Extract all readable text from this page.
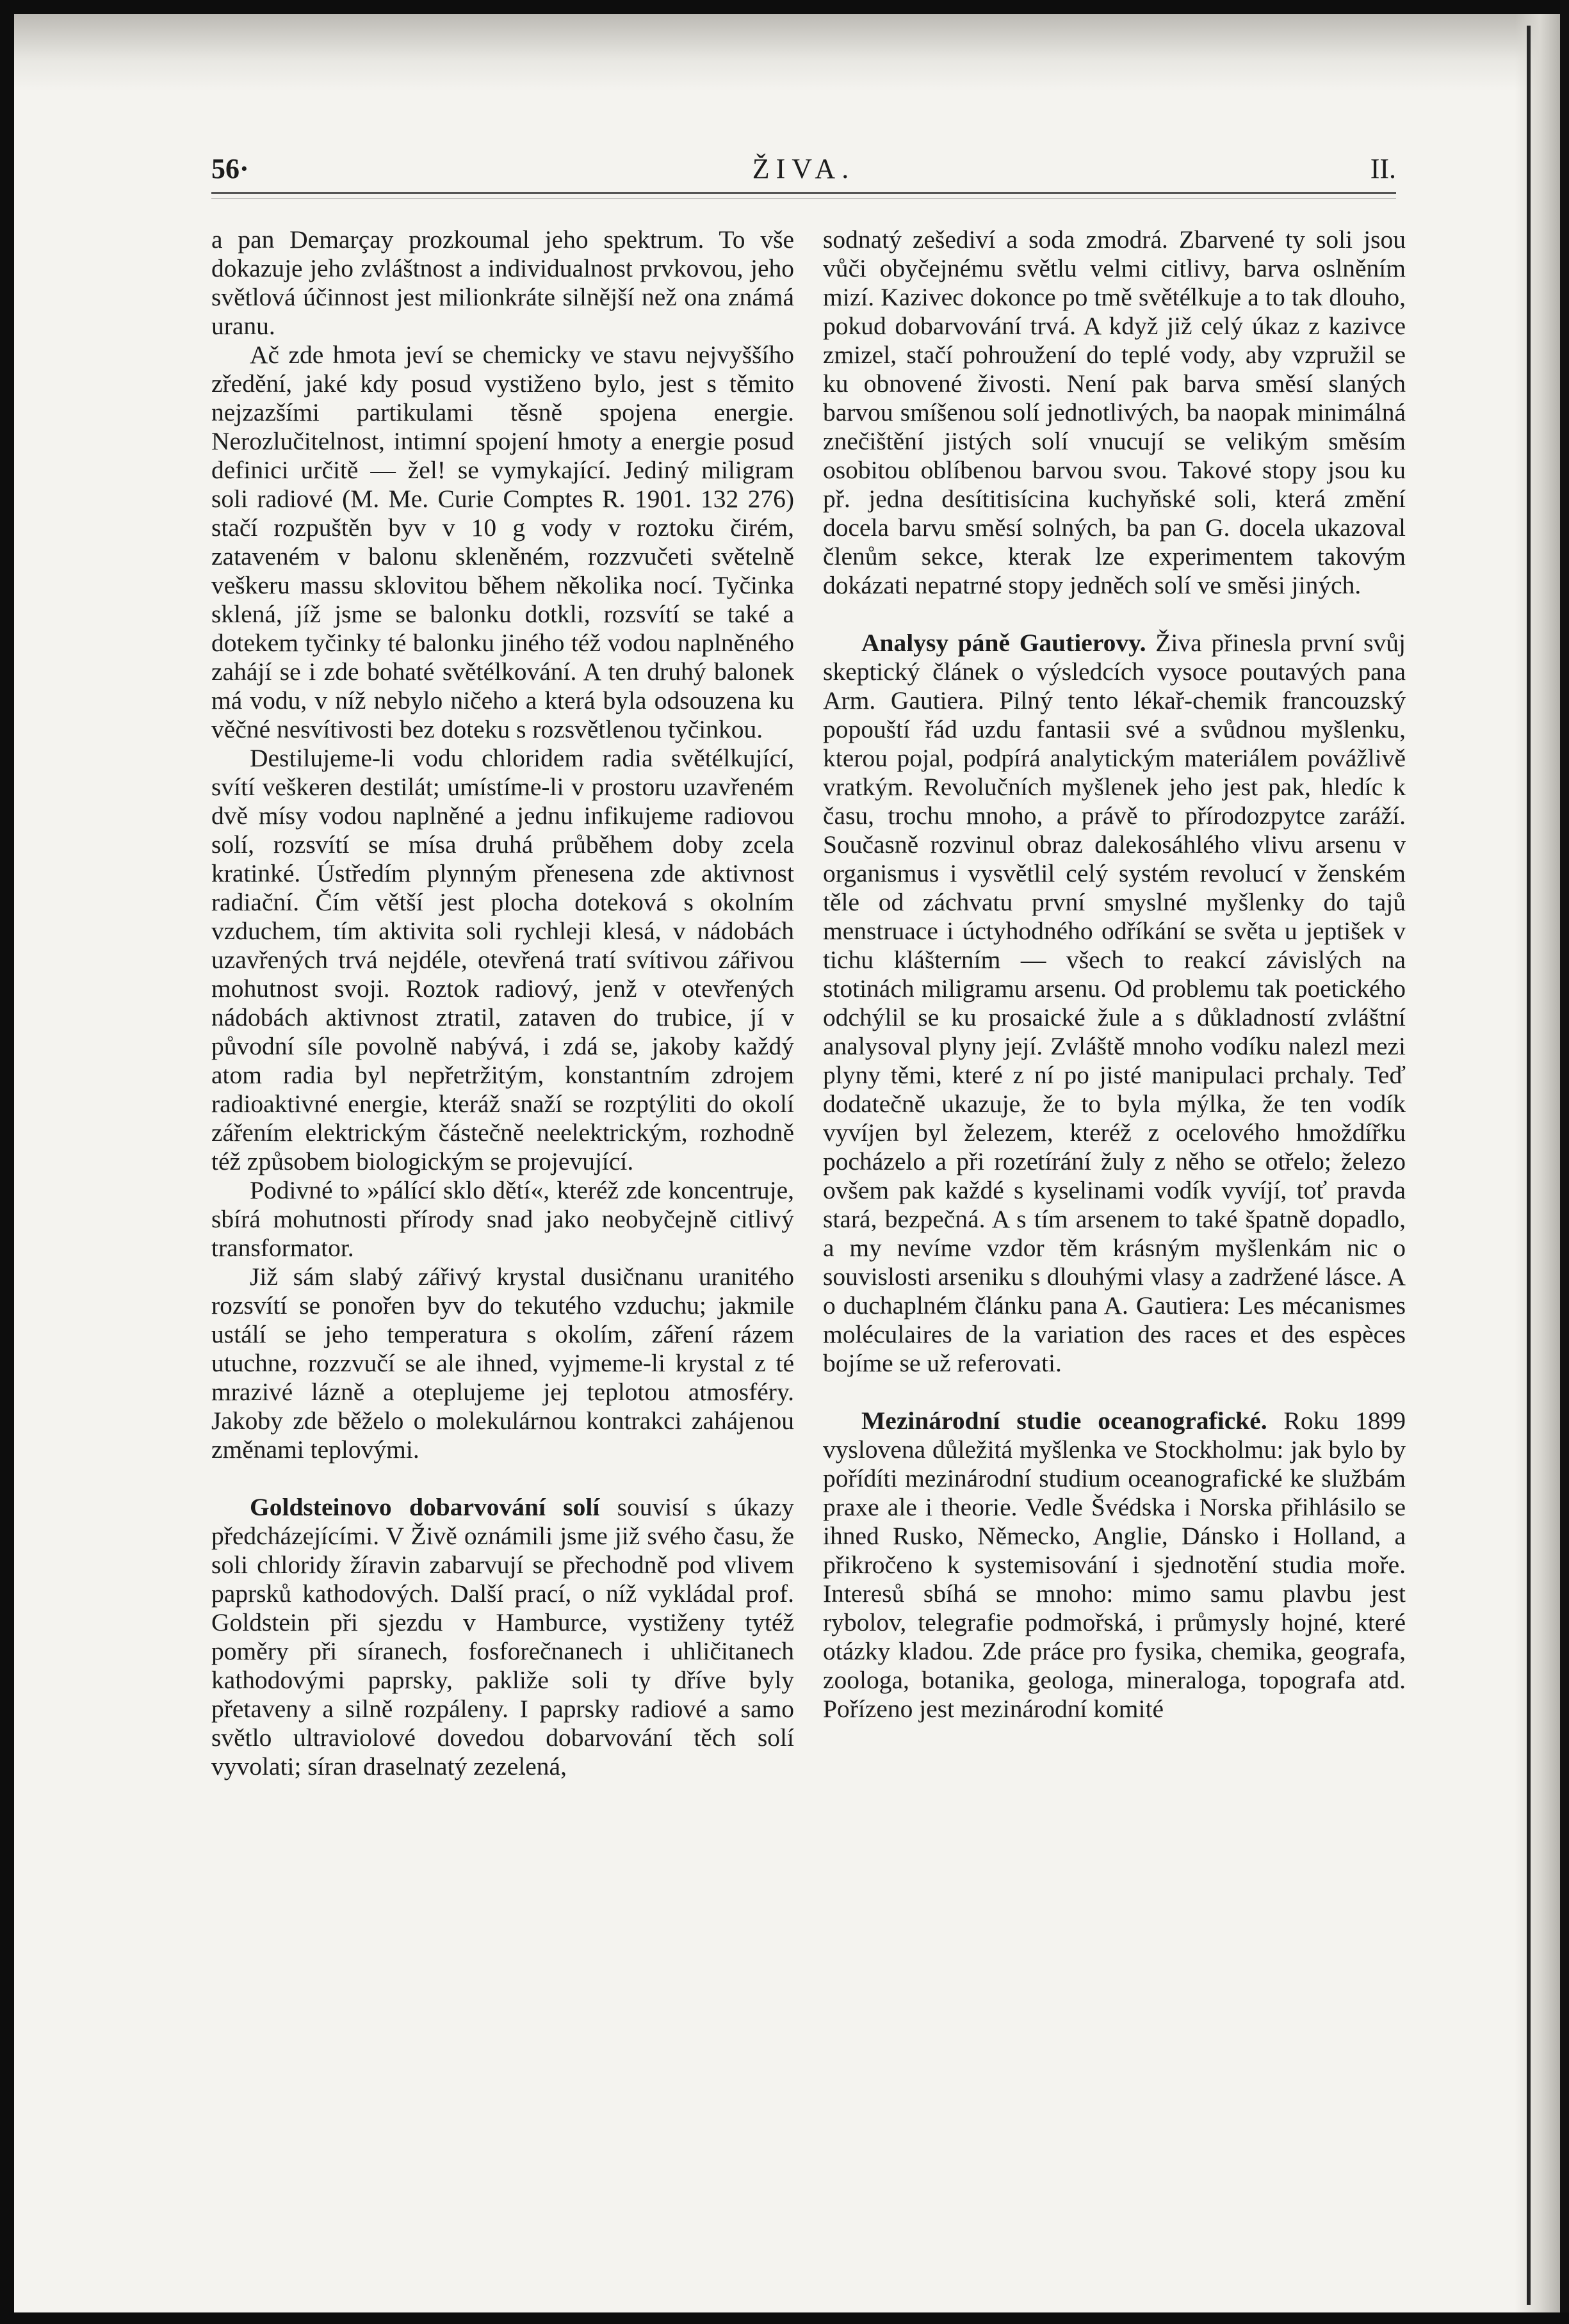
56·	ŽIVA.	II.

a pan Demarçay prozkoumal jeho spektrum. To vše dokazuje jeho zvláštnost a individualnost prvkovou, jeho světlová účinnost jest milionkráte silnější než ona známá uranu.

Ač zde hmota jeví se chemicky ve stavu nejvyššího zředění, jaké kdy posud vystiženo bylo, jest s těmito nejzazšími partikulami těsně spojena energie. Nerozlučitelnost, intimní spojení hmoty a energie posud definici určitě — žel! se vymykající. Jediný miligram soli radiové (M. Me. Curie Comptes R. 1901. 132 276) stačí rozpuštěn byv v 10 g vody v roztoku čirém, zataveném v balonu skleněném, rozzvučeti světelně veškeru massu sklovitou během několika nocí. Tyčinka sklená, jíž jsme se balonku dotkli, rozsvítí se také a dotekem tyčinky té balonku jiného též vodou naplněného zahájí se i zde bohaté světélkování. A ten druhý balonek má vodu, v níž nebylo ničeho a která byla odsouzena ku věčné nesvítivosti bez doteku s rozsvětlenou tyčinkou.

Destilujeme-li vodu chloridem radia světélkující, svítí veškeren destilát; umístíme-li v prostoru uzavřeném dvě mísy vodou naplněné a jednu infikujeme radiovou solí, rozsvítí se mísa druhá průběhem doby zcela kratinké. Ústředím plynným přenesena zde aktivnost radiační. Čím větší jest plocha doteková s okolním vzduchem, tím aktivita soli rychleji klesá, v nádobách uzavřených trvá nejdéle, otevřená tratí svítivou zářivou mohutnost svoji. Roztok radiový, jenž v otevřených nádobách aktivnost ztratil, zataven do trubice, jí v původní síle povolně nabývá, i zdá se, jakoby každý atom radia byl nepřetržitým, konstantním zdrojem radioaktivné energie, kteráž snaží se rozptýliti do okolí zářením elektrickým částečně neelektrickým, rozhodně též způsobem biologickým se projevující.

Podivné to »pálící sklo dětí«, kteréž zde koncentruje, sbírá mohutnosti přírody snad jako neobyčejně citlivý transformator.

Již sám slabý zářivý krystal dusičnanu uranitého rozsvítí se ponořen byv do tekutého vzduchu; jakmile ustálí se jeho temperatura s okolím, záření rázem utuchne, rozzvučí se ale ihned, vyjmeme-li krystal z té mrazivé lázně a oteplujeme jej teplotou atmosféry. Jakoby zde běželo o molekulárnou kontrakci zahájenou změnami teplovými.

Goldsteinovo dobarvování solí souvisí s úkazy předcházejícími. V Živě oznámili jsme již svého času, že soli chloridy žíravin zabarvují se přechodně pod vlivem paprsků kathodových. Další prací, o níž vykládal prof. Goldstein při sjezdu v Hamburce, vystiženy tytéž poměry při síranech, fosforečnanech i uhličitanech kathodovými paprsky, pakliže soli ty dříve byly přetaveny a silně rozpáleny. I paprsky radiové a samo světlo ultraviolové dovedou dobarvování těch solí vyvolati; síran draselnatý zezelená,

sodnatý zešediví a soda zmodrá. Zbarvené ty soli jsou vůči obyčejnému světlu velmi citlivy, barva oslněním mizí. Kazivec dokonce po tmě světélkuje a to tak dlouho, pokud dobarvování trvá. A když již celý úkaz z kazivce zmizel, stačí pohroužení do teplé vody, aby vzpružil se ku obnovené živosti. Není pak barva směsí slaných barvou smíšenou solí jednotlivých, ba naopak minimálná znečištění jistých solí vnucují se velikým směsím osobitou oblíbenou barvou svou. Takové stopy jsou ku př. jedna desítitisícina kuchyňské soli, která změní docela barvu směsí solných, ba pan G. docela ukazoval členům sekce, kterak lze experimentem takovým dokázati nepatrné stopy jedněch solí ve směsi jiných.

Analysy páně Gautierovy. Živa přinesla první svůj skeptický článek o výsledcích vysoce poutavých pana Arm. Gautiera. Pilný tento lékař-chemik francouzský popouští řád uzdu fantasii své a svůdnou myšlenku, kterou pojal, podpírá analytickým materiálem povážlivě vratkým. Revolučních myšlenek jeho jest pak, hledíc k času, trochu mnoho, a právě to přírodozpytce zaráží. Současně rozvinul obraz dalekosáhlého vlivu arsenu v organismus i vysvětlil celý systém revolucí v ženském těle od záchvatu první smyslné myšlenky do tajů menstruace i úctyhodného odříkání se světa u jeptišek v tichu klášterním — všech to reakcí závislých na stotinách miligramu arsenu. Od problemu tak poetického odchýlil se ku prosaické žule a s důkladností zvláštní analysoval plyny její. Zvláště mnoho vodíku nalezl mezi plyny těmi, které z ní po jisté manipulaci prchaly. Teď dodatečně ukazuje, že to byla mýlka, že ten vodík vyvíjen byl železem, kteréž z ocelového hmoždířku pocházelo a při rozetírání žuly z něho se otřelo; železo ovšem pak každé s kyselinami vodík vyvíjí, toť pravda stará, bezpečná. A s tím arsenem to také špatně dopadlo, a my nevíme vzdor těm krásným myšlenkám nic o souvislosti arseniku s dlouhými vlasy a zadržené lásce. A o duchaplném článku pana A. Gautiera: Les mécanismes moléculaires de la variation des races et des espèces bojíme se už referovati.

Mezinárodní studie oceanografické. Roku 1899 vyslovena důležitá myšlenka ve Stockholmu: jak bylo by pořídíti mezinárodní studium oceanografické ke službám praxe ale i theorie. Vedle Švédska i Norska přihlásilo se ihned Rusko, Německo, Anglie, Dánsko i Holland, a přikročeno k systemisování i sjednotění studia moře. Interesů sbíhá se mnoho: mimo samu plavbu jest rybolov, telegrafie podmořská, i průmysly hojné, které otázky kladou. Zde práce pro fysika, chemika, geografa, zoologa, botanika, geologa, mineraloga, topografa atd. Pořízeno jest mezinárodní komité
